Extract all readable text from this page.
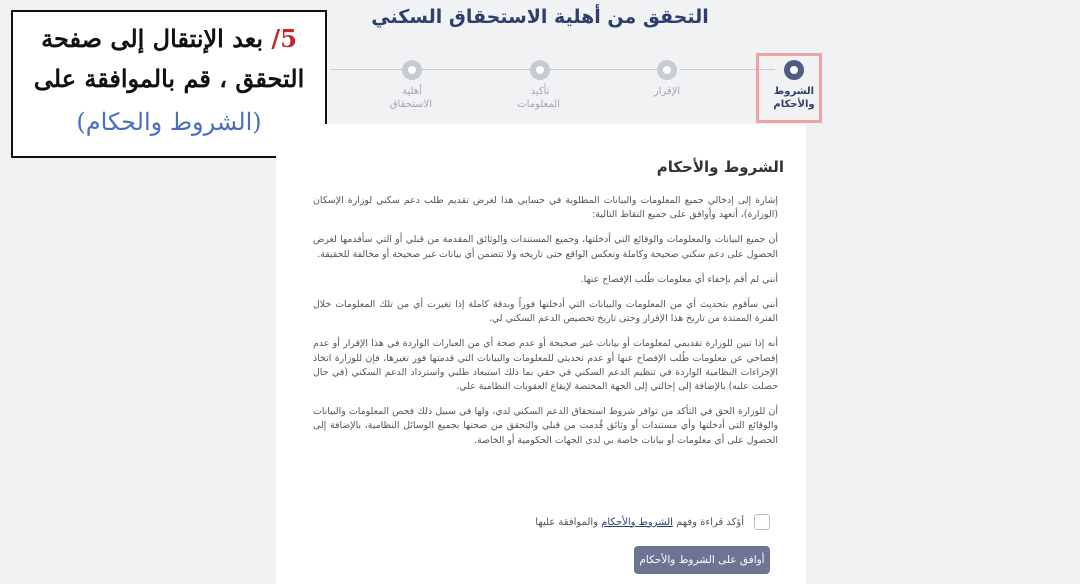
التحقق من أهلية الاستحقاق السكني
الشروط والأحكام
الإقرار
تأكيد المعلومات
أهلية الاستحقاق
5/ بعد الإنتقال إلى صفحة
التحقق ، قم بالموافقة على
(الشروط والحكام)
الشروط والأحكام

إشارة إلى إدخالي جميع المعلومات والبيانات المطلوبة في حسابي هذا لغرض تقديم طلب دعم سكني لوزارة الإسكان (الوزارة)، أتعهد وأوافق على جميع النقاط التالية:

أن جميع البيانات والمعلومات والوقائع التي أدخلتها، وجميع المستندات والوثائق المقدمة من قبلي أو التي سأقدمها لغرض الحصول على دعم سكني صحيحة وكاملة وتعكس الواقع حتى تاريخه ولا تتضمن أي بيانات غير صحيحة أو مخالفة للحقيقة.

أنني لم أقم بإخفاء أي معلومات طُلب الإفصاح عنها.

أنني سأقوم بتحديث أي من المعلومات والبيانات التي أدخلتها فوراً وبدقة كاملة إذا تغيرت أي من تلك المعلومات خلال الفترة الممتدة من تاريخ هذا الإقرار وحتى تاريخ تخصيص الدعم السكني لي.

أنه إذا تبين للوزارة تقديمي لمعلومات أو بيانات غير صحيحة أو عدم صحة أي من العبارات الواردة في هذا الإقرار أو عدم إفصاحي عن معلومات طُلب الإفصاح عنها أو عدم تحديثي للمعلومات والبيانات التي قدمتها فور تغيرها، فإن للوزارة اتخاذ الإجراءات النظامية الواردة في تنظيم الدعم السكني في حقي بما ذلك استبعاد طلبي واسترداد الدعم السكني (في حال حصلت عليه) بالإضافة إلى إحالتي إلى الجهة المختصة لإيقاع العقوبات النظامية علي.

أن للوزارة الحق في التأكد من توافر شروط استحقاق الدعم السكني لدي، ولها في سبيل ذلك فحص المعلومات والبيانات والوقائع التي أدخلتها وأي مستندات أو وثائق قُدمت من قبلي والتحقق من صحتها بجميع الوسائل النظامية، بالإضافة إلى الحصول على أي معلومات أو بيانات خاصة بي لدى الجهات الحكومية أو الخاصة.

أؤكد قراءة وفهم الشروط والأحكام والموافقة عليها
أوافق على الشروط والأحكام
